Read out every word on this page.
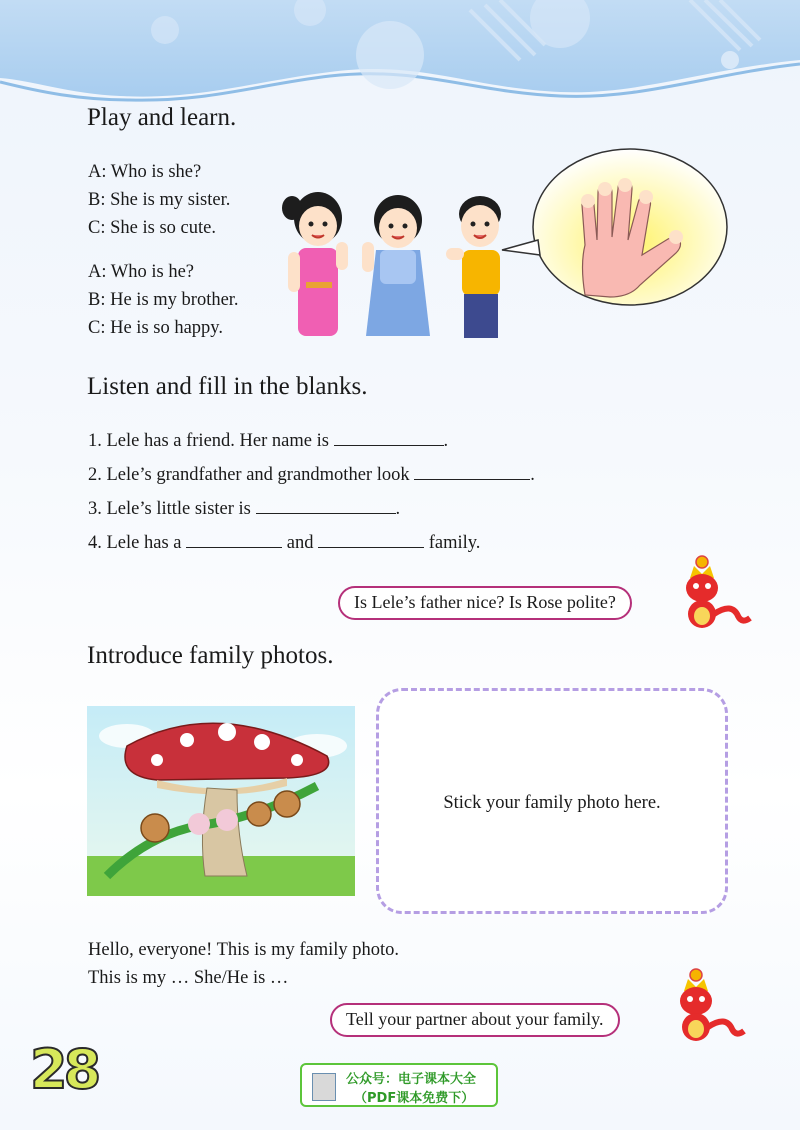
Play and learn.
A: Who is she?
B: She is my sister.
C: She is so cute.
A: Who is he?
B: He is my brother.
C: He is so happy.
Listen and fill in the blanks.
1. Lele has a friend. Her name is	.
2. Lele’s grandfather and grandmother look	.
3. Lele’s little sister is	.
4. Lele has a	and	family.
Is Lele’s father nice? Is Rose polite?
Introduce family photos.
Stick your family photo here.
Hello, everyone! This is my family photo.
This is my … She/He is …
Tell your partner about your family.
28	公众号：电子课本大全
（PDF课本免费下）
